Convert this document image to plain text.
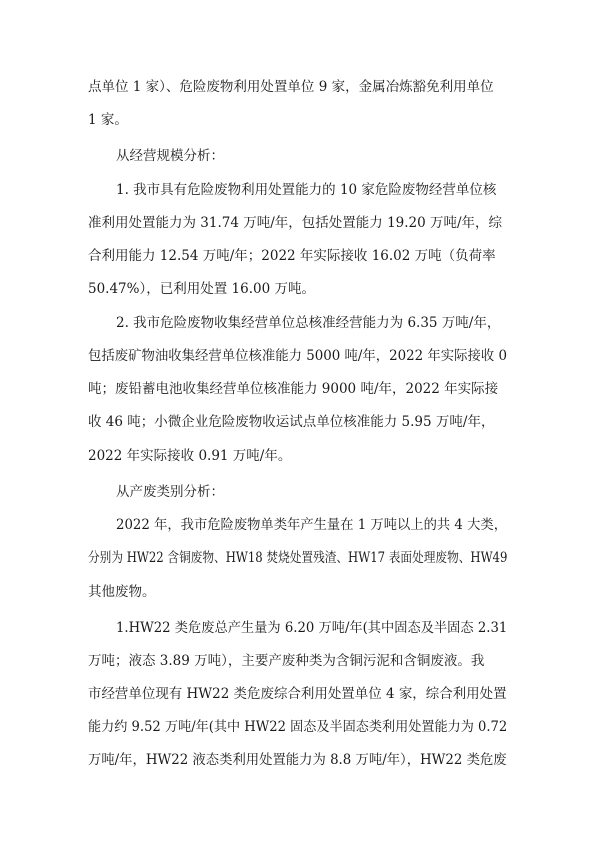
点单位 1 家）、危险废物利用处置单位 9 家，金属冶炼豁免利用单位
1 家。
从经营规模分析：
1. 我市具有危险废物利用处置能力的 10 家危险废物经营单位核
准利用处置能力为 31.74 万吨/年，包括处置能力 19.20 万吨/年，综
合利用能力 12.54 万吨/年；2022 年实际接收 16.02 万吨（负荷率
50.47%），已利用处置 16.00 万吨。
2. 我市危险废物收集经营单位总核准经营能力为 6.35 万吨/年，
包括废矿物油收集经营单位核准能力 5000 吨/年，2022 年实际接收 0
吨；废铅蓄电池收集经营单位核准能力 9000 吨/年，2022 年实际接
收 46 吨；小微企业危险废物收运试点单位核准能力 5.95 万吨/年，
2022 年实际接收 0.91 万吨/年。
从产废类别分析：
2022 年，我市危险废物单类年产生量在 1 万吨以上的共 4 大类，
分别为 HW22 含铜废物、HW18 焚烧处置残渣、HW17 表面处理废物、HW49
其他废物。
1.HW22 类危废总产生量为 6.20 万吨/年(其中固态及半固态 2.31
万吨；液态 3.89 万吨），主要产废种类为含铜污泥和含铜废液。我
市经营单位现有 HW22 类危废综合利用处置单位 4 家，综合利用处置
能力约 9.52 万吨/年(其中 HW22 固态及半固态类利用处置能力为 0.72
万吨/年，HW22 液态类利用处置能力为 8.8 万吨/年），HW22 类危废
